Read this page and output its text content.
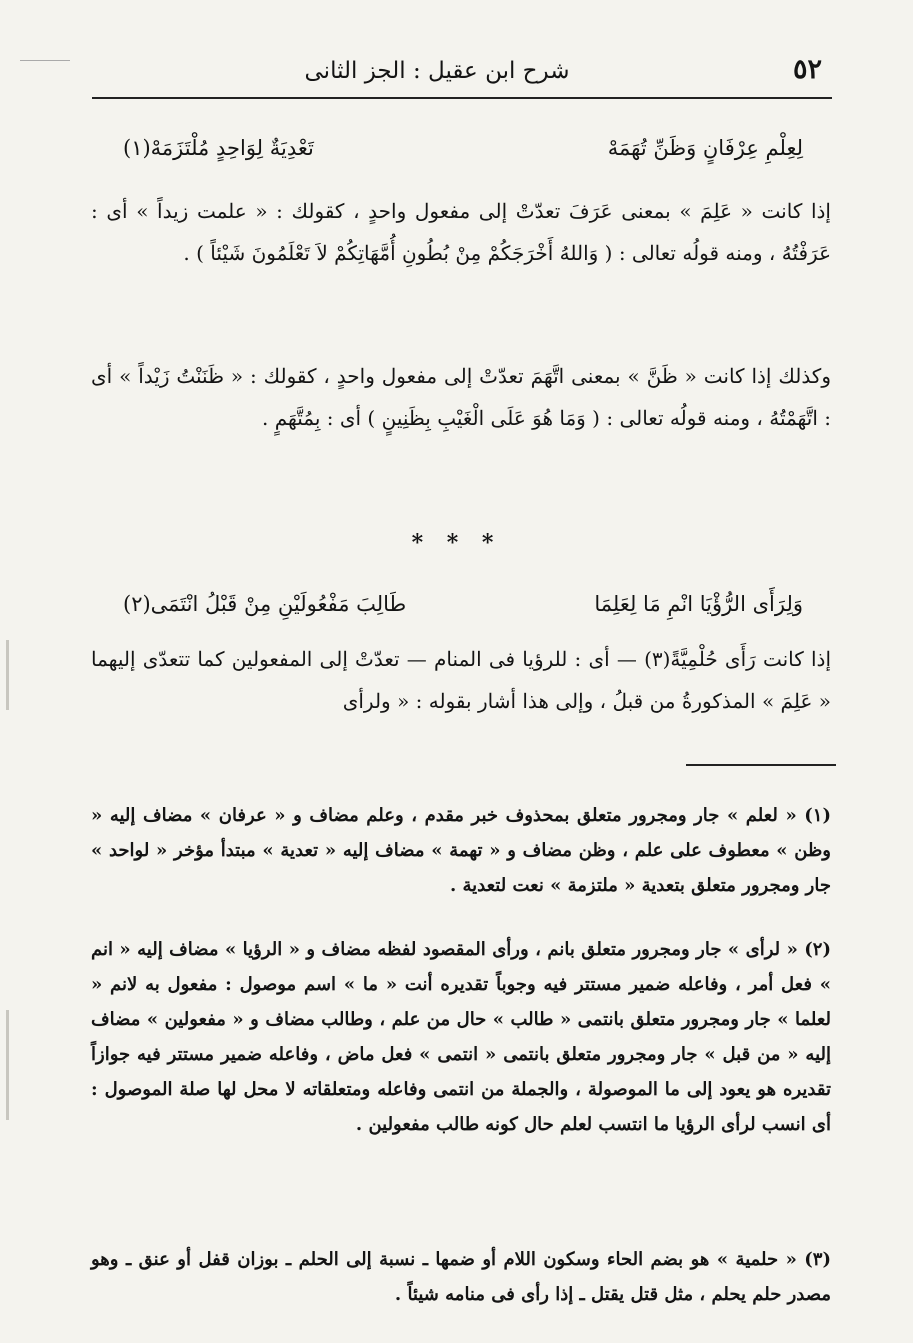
٥٢
شرح ابن عقيل : الجز الثانى
لِعِلْمِ عِرْفَانٍ وَظَنِّ تُهَمَهْ
تَعْدِيَةٌ لِوَاحِدٍ مُلْتَزَمَهْ(١)

إذا كانت « عَلِمَ » بمعنى عَرَفَ تعدّتْ إلى مفعول واحدٍ ، كقولك : « علمت زيداً » أى : عَرَفْتُهُ ، ومنه قولُه تعالى : ( وَاللهُ أَخْرَجَكُمْ مِنْ بُطُونِ أُمَّهَاتِكُمْ لاَ تَعْلَمُونَ شَيْئاً ) .

وكذلك إذا كانت « ظَنَّ » بمعنى اتَّهَمَ تعدّتْ إلى مفعول واحدٍ ، كقولك : « ظَنَنْتُ زَيْداً » أى : اتَّهَمْتُهُ ، ومنه قولُه تعالى : ( وَمَا هُوَ عَلَى الْغَيْبِ بِظَنِينٍ ) أى : بِمُتَّهَمٍ .

* * *
وَلِرَأَى الرُّؤْيَا انْمِ مَا لِعَلِمَا
طَالِبَ مَفْعُولَيْنِ مِنْ قَبْلُ انْتَمَى(٢)

إذا كانت رَأَى حُلْمِيَّةً(٣) — أى : للرؤيا فى المنام — تعدّتْ إلى المفعولين كما تتعدّى إليهما « عَلِمَ » المذكورةُ من قبلُ ، وإلى هذا أشار بقوله : « ولرأى

(١) « لعلم » جار ومجرور متعلق بمحذوف خبر مقدم ، وعلم مضاف و « عرفان » مضاف إليه « وظن » معطوف على علم ، وظن مضاف و « تهمة » مضاف إليه « تعدية » مبتدأ مؤخر « لواحد » جار ومجرور متعلق بتعدية « ملتزمة » نعت لتعدية .

(٢) « لرأى » جار ومجرور متعلق بانم ، ورأى المقصود لفظه مضاف و « الرؤيا » مضاف إليه « انم » فعل أمر ، وفاعله ضمير مستتر فيه وجوباً تقديره أنت « ما » اسم موصول : مفعول به لانم « لعلما » جار ومجرور متعلق بانتمى « طالب » حال من علم ، وطالب مضاف و « مفعولين » مضاف إليه « من قبل » جار ومجرور متعلق بانتمى « انتمى » فعل ماض ، وفاعله ضمير مستتر فيه جوازاً تقديره هو يعود إلى ما الموصولة ، والجملة من انتمى وفاعله ومتعلقاته لا محل لها صلة الموصول : أى انسب لرأى الرؤيا ما انتسب لعلم حال كونه طالب مفعولين .

(٣) « حلمية » هو بضم الحاء وسكون اللام أو ضمها ـ نسبة إلى الحلم ـ بوزان قفل أو عنق ـ وهو مصدر حلم يحلم ، مثل قتل يقتل ـ إذا رأى فى منامه شيئاً .
